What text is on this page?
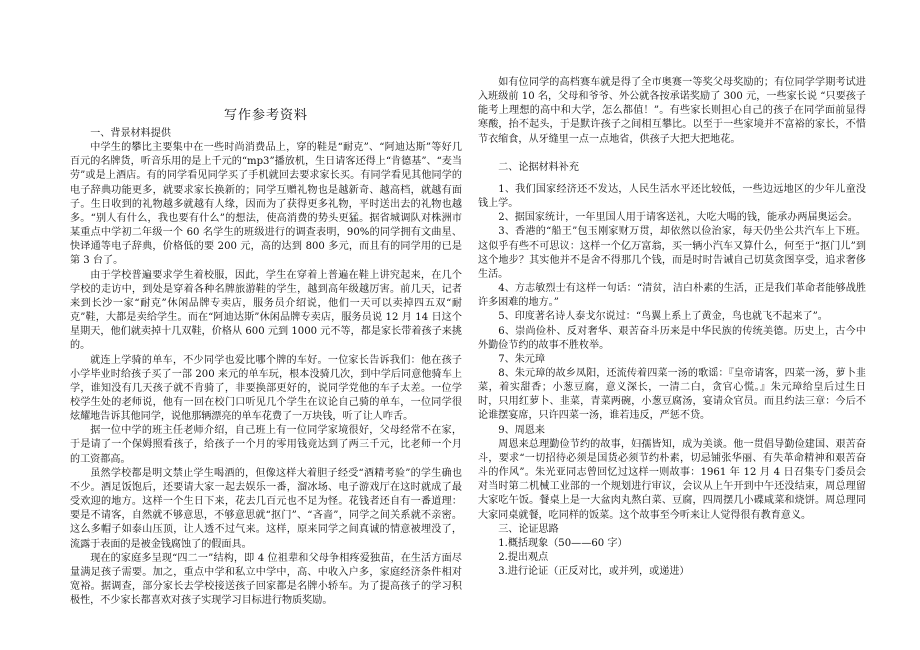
写作参考资料

一、背景材料提供

中学生的攀比主要集中在一些时尚消费品上，穿的鞋是“耐克”、“阿迪达斯”等好几百元的名牌货，听音乐用的是上千元的“mp3”播放机，生日请客还得上“肯德基”、“麦当劳”或是上酒店。有的同学看见同学买了手机就回去要求家长买。有同学看见其他同学的电子辞典功能更多，就要求家长换新的；同学互赠礼物也是越新奇、越高档，就越有面子。生日收到的礼物越多就越有人缘，因而为了获得更多礼物，平时送出去的礼物也越多。“别人有什么，我也要有什么”的想法，使高消费的势头更猛。据省城调队对株洲市某重点中学初二年级一个 60 名学生的班级进行的调查表明，90%的同学拥有文曲星、快译通等电子辞典，价格低的要 200 元，高的达到 800 多元，而且有的同学用的已是第 3 台了。

由于学校普遍要求学生着校服，因此，学生在穿着上普遍在鞋上讲究起来，在几个学校的走访中，到处是穿着各种名牌旅游鞋的学生，越到高年级越厉害。前几天，记者来到长沙一家“耐克”休闲品牌专卖店，服务员介绍说，他们一天可以卖掉四五双“耐克”鞋，大都是卖给学生。而在“阿迪达斯”休闲品牌专卖店，服务员说 12 月 14 日这个星期天，他们就卖掉十几双鞋，价格从 600 元到 1000 元不等，都是家长带着孩子来挑的。

就连上学骑的单车，不少同学也爱比哪个牌的车好。一位家长告诉我们：他在孩子小学毕业时给孩子买了一部 200 来元的单车玩，根本没骑几次，到中学后同意他骑车上学，谁知没有几天孩子就不肯骑了，非要换部更好的，说同学党他的车子太差。一位学校学生处的老师说，他有一回在校门口听见几个学生在议论自己骑的单车，一位同学很炫耀地告诉其他同学，说他那辆漂亮的单车花费了一万块钱，听了让人咋舌。

据一位中学的班主任老师介绍，自己班上有一位同学家境很好，父母经常不在家，于是请了一个保姆照看孩子，给孩子一个月的零用钱竟达到了两三千元，比老师一个月的工资都高。

虽然学校都是明文禁止学生喝酒的，但像这样大着胆子经受“酒精考验”的学生确也不少。酒足饭饱后，还要请大家一起去娱乐一番，溜冰场、电子游戏厅在这时就成了最受欢迎的地方。这样一个生日下来，花去几百元也不足为怪。花钱者还自有一番道理：要是不请客，自然就不够意思，不够意思就“抠门”、“吝啬”，同学之间关系就不亲密。这么多帽子如泰山压顶，让人透不过气来。这样，原来同学之间真诚的情意被埋没了，流露于表面的是被金钱腐蚀了的假面具。

现在的家庭多呈现“四二一”结构，即 4 位祖辈和父母争相疼爱独苗，在生活方面尽量满足孩子需要。加之，重点中学和私立中学中，高、中收入户多，家庭经济条件相对宽裕。据调查，部分家长去学校接送孩子回家都是名牌小轿车。为了提高孩子的学习积极性，不少家长都喜欢对孩子实现学习目标进行物质奖励。

如有位同学的高档赛车就是得了全市奥赛一等奖父母奖励的；有位同学学期考试进入班级前 10 名，父母和爷爷、外公就各按承诺奖励了 300 元，一些家长说 “只要孩子能考上理想的高中和大学，怎么都值！”。有些家长则担心自己的孩子在同学面前显得寒酸，抬不起头，于是默许孩子之间相互攀比。以至于一些家境并不富裕的家长，不惜节衣缩食，从牙缝里一点一点地省，供孩子大把大把地花。

二、论据材料补充

1、我们国家经济还不发达，人民生活水平还比较低，一些边远地区的少年儿童没钱上学。

2、据国家统计，一年里国人用于请客送礼，大吃大喝的钱，能承办两届奥运会。

3、香港的“船王”包玉刚家财万贯，却依然以俭治家，每天仍坐公共汽车上下班。这似乎有些不可思议：这样一个亿万富翁，买一辆小汽车又算什么，何至于“抠门儿”到这个地步？其实他并不是舍不得那几个钱，而是时时告诫自己切莫贪图享受，追求奢侈生活。

4、方志敏烈士有这样一句话：“清贫，洁白朴素的生活，正是我们革命者能够战胜许多困难的地方。”

5、印度著名诗人泰戈尔说过：“鸟翼上系上了黄金，鸟也就飞不起来了”。

6、崇尚俭朴、反对奢华、艰苦奋斗历来是中华民族的传统美德。历史上，古今中外勤俭节约的故事不胜枚举。

7、朱元璋

8、朱元璋的故乡凤阳，还流传着四菜一汤的歌谣：『皇帝请客，四菜一汤，萝卜韭菜，着实甜香；小葱豆腐，意义深长，一清二白，贪官心慌。』朱元璋给皇后过生日时，只用红萝卜、韭菜，青菜两碗，小葱豆腐汤，宴请众官员。而且约法三章：今后不论谁摆宴席，只许四菜一汤，谁若违反，严惩不贷。

9、周恩来

周恩来总理勤俭节约的故事，妇孺皆知，成为美谈。他一贯倡导勤俭建国、艰苦奋斗，要求“一切招待必须是国货必须节约朴素，切忌铺张华丽、有失革命精神和艰苦奋斗的作风”。朱光亚同志曾回忆过这样一则故事：1961 年 12 月 4 日召集专门委员会对当时第二机械工业部的一个规划进行审议，会议从上午开到中午还没结束，周总理留大家吃午饭。餐桌上是一大盆肉丸熬白菜、豆腐，四周摆几小碟咸菜和烧饼。周总理同大家同桌就餐，吃同样的饭菜。这个故事至今听来让人觉得很有教育意义。

三、论证思路

1.概括现象（50——60 字）

2.提出观点

3.进行论证（正反对比，或并列，或递进）
